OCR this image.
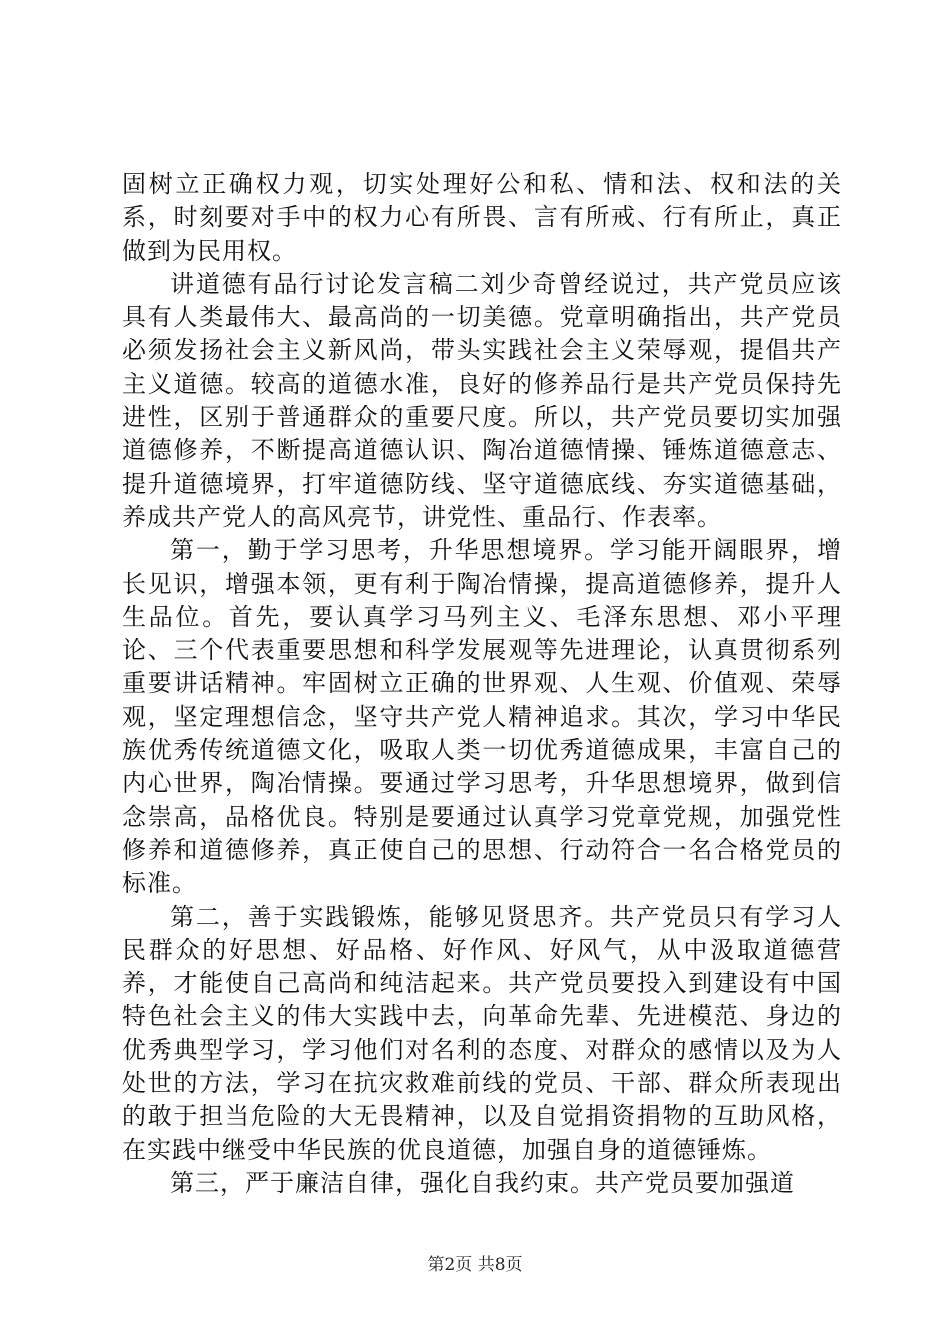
固树立正确权力观，切实处理好公和私、情和法、权和法的关系，时刻要对手中的权力心有所畏、言有所戒、行有所止，真正做到为民用权。

讲道德有品行讨论发言稿二刘少奇曾经说过，共产党员应该具有人类最伟大、最高尚的一切美德。党章明确指出，共产党员必须发扬社会主义新风尚，带头实践社会主义荣辱观，提倡共产主义道德。较高的道德水准，良好的修养品行是共产党员保持先进性，区别于普通群众的重要尺度。所以，共产党员要切实加强道德修养，不断提高道德认识、陶冶道德情操、锤炼道德意志、提升道德境界，打牢道德防线、坚守道德底线、夯实道德基础，养成共产党人的高风亮节，讲党性、重品行、作表率。

第一，勤于学习思考，升华思想境界。学习能开阔眼界，增长见识，增强本领，更有利于陶冶情操，提高道德修养，提升人生品位。首先，要认真学习马列主义、毛泽东思想、邓小平理论、三个代表重要思想和科学发展观等先进理论，认真贯彻系列重要讲话精神。牢固树立正确的世界观、人生观、价值观、荣辱观，坚定理想信念，坚守共产党人精神追求。其次，学习中华民族优秀传统道德文化，吸取人类一切优秀道德成果，丰富自己的内心世界，陶冶情操。要通过学习思考，升华思想境界，做到信念崇高，品格优良。特别是要通过认真学习党章党规，加强党性修养和道德修养，真正使自己的思想、行动符合一名合格党员的标准。

第二，善于实践锻炼，能够见贤思齐。共产党员只有学习人民群众的好思想、好品格、好作风、好风气，从中汲取道德营养，才能使自己高尚和纯洁起来。共产党员要投入到建设有中国特色社会主义的伟大实践中去，向革命先辈、先进模范、身边的优秀典型学习，学习他们对名利的态度、对群众的感情以及为人处世的方法，学习在抗灾救难前线的党员、干部、群众所表现出的敢于担当危险的大无畏精神，以及自觉捐资捐物的互助风格，在实践中继受中华民族的优良道德，加强自身的道德锤炼。

第三，严于廉洁自律，强化自我约束。共产党员要加强道

第2页 共8页
